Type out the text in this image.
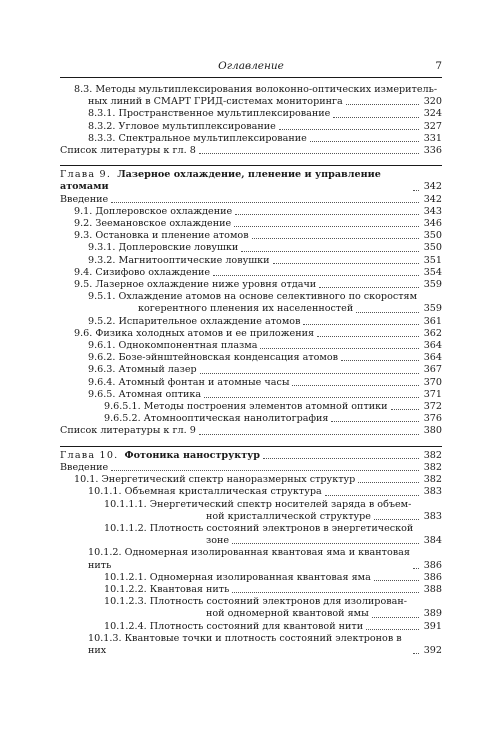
Оглавление	7
8.3. Методы мультиплексирования волоконно-оптических измеритель-
ных линий в СМАРТ ГРИД-системах мониторинга	320
8.3.1. Пространственное мультиплексирование	324
8.3.2. Угловое мультиплексирование	327
8.3.3. Спектральное мультиплексирование	331
Список литературы к гл. 8	336
Глава 9. Лазерное охлаждение, пленение и управление атомами	342
Введение	342
9.1. Доплеровское охлаждение	343
9.2. Зеемановское охлаждение	346
9.3. Остановка и пленение атомов	350
9.3.1. Доплеровские ловушки	350
9.3.2. Магнитооптические ловушки	351
9.4. Сизифово охлаждение	354
9.5. Лазерное охлаждение ниже уровня отдачи	359
9.5.1. Охлаждение атомов на основе селективного по скоростям
когерентного пленения их населенностей	359
9.5.2. Испарительное охлаждение атомов	361
9.6. Физика холодных атомов и ее приложения	362
9.6.1. Однокомпонентная плазма	364
9.6.2. Бозе-эйнштейновская конденсация атомов	364
9.6.3. Атомный лазер	367
9.6.4. Атомный фонтан и атомные часы	370
9.6.5. Атомная оптика	371
9.6.5.1. Методы построения элементов атомной оптики	372
9.6.5.2. Атомнооптическая нанолитография	376
Список литературы к гл. 9	380
Глава 10. Фотоника наноструктур	382
Введение	382
10.1. Энергетический спектр наноразмерных структур	382
10.1.1. Объемная кристаллическая структура	383
10.1.1.1. Энергетический спектр носителей заряда в объем-
ной кристаллической структуре	383
10.1.1.2. Плотность состояний электронов в энергетической
зоне	384
10.1.2. Одномерная изолированная квантовая яма и квантовая нить	386
10.1.2.1. Одномерная изолированная квантовая яма	386
10.1.2.2. Квантовая нить	388
10.1.2.3. Плотность состояний электронов для изолирован-
ной одномерной квантовой ямы	389
10.1.2.4. Плотность состояний для квантовой нити	391
10.1.3. Квантовые точки и плотность состояний электронов в них	392
